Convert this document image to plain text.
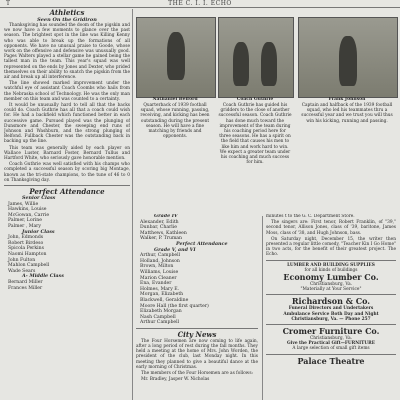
T	THE C. I. I. ECHO
Athletics
Seen On the Gridiron

Thanksgiving has sounded the doom of the pigskin and we now have a few moments to glance over the past season. The brightest spot in the line was Killing Kenny who was able to break up the formations of all opponents. We have no unusual praise to Goode, whose work on the offensive and defensive was unusually good. Pages Walters played a stellar game he gained being the tallest man in the team. This year's squad was well represented on the ends by Jones and Dexter, who prided themselves on their ability to snatch the pigskin from the air and break up all interference.

The line showed marked improvement under the watchful eye of assistant Coach Coombs who hails from the Nebraska school of Technology. He was the only man member on this team and was counted to a certainty.

It would be unusually hard to tell all that the backs could do. Coach Guthrie has all that a coach could wish for. He had a backfield which functioned better in each successive game. Pursued played was the plunging of Dunsmore and Chester, the sweeping end runs of Johnson and Washburn, and the strong plunging of Belfond. Fullback Chester was the outstanding back in backing up the line.

This team was generally aided by each player on Wallace Luster, Barnard Foster, Bernard Tullus and Hartford White, who seriously gave honorable mention.

Coach Guthrie was well satisfied with his champs who completed a successful season by scoring big Montage, known as the tri-state champions, to the tune of 46 to 0 on Thanksgiving day.

Perfect Attendance
Senior Class
James, Willie
Hawkins, Louise
McGowan, Carrie
Palmer, Lorine
Palmer , Mary
Junior Class
John, Edmonds
Robert Birdeso
Spicola Perkins
Naomi Hampton
John Fulton
Mahlon Campbell
Wade Sears
A- Middle Class
Bernard Miller
Frances Miller
Nathaniel Belford

Quarterback of 1939 football squad, whose running, passing, receiving, and kicking has been outstanding during the present season. He will have a fine matching by friends and opponents.

Coach Guthrie

Coach Guthrie has guided his gridders to the close of another successful season. Coach Guthrie has done much toward the improvement of the team during his coaching period here for three seasons. He has a spirit on the field that causes his men to like him and work hard to win. We expect a greater team under his coaching and much success for him.

Frank Johnson

Captain and halfback of the 1939 football squad, who led his teammates thru a successful year and we trust you will thus win his kicking, running and passing.

Grade IV
Alexander, Edith
Dunbar, Charlie
Matthews, Kathleen
Walker, P. Truman
Perfect Attendance
Grade V, and VI
Arthur, Campbell
Holland, Johnson
Brown, Milton
Williams, Louise
Marion Cleaner
Ena, Evander
Holmes, Mary E.
Morgan, Elizabeth
Blackwell, Geraldine
Moore Hall (the first quarter)
Elizabeth Morgan
Nash Campbell
Arthur Campbell
City News

The Four Horsemen are now coming to life again, after a long period of rest during the fall months. They held a meeting at the home of Mrs. John Worden, the president of the club, last Monday night. In this meeting they planned to give a beautiful dance at the early morning of Christmas.

The members of the Four Horsemen are as follows:

Mr. Bradley, Jasper W. Nicholas

minutes t to the G. C. Department Store.

The singers are: First tenor, Robert Franklin, of "39," second tenor, Allison Jones, class of '39, baritone, James Moss, class of '38, and Hugh Johnson, bass.

On Saturday night, December 15, the writer then presented a regular little comedy, "Teacher Kin I Go Home" in two acts, for the benefit of their greatest project. The Echo.

LUMBER AND BUILDING SUPPLIES
for all kinds of buildings
Economy Lumber Co.
Christiansburg, Va.
"Materially at Your Service"
Richardson & Co.
Funeral Directors and Undertakers
Ambulance Service Both Day and Night
Christiansburg, Va. — Phone 257
Cromer Furniture Co.
Christiansburg, Va.
Give the Practical Gift—FURNITURE
A large selection of small gift items
Palace Theatre
